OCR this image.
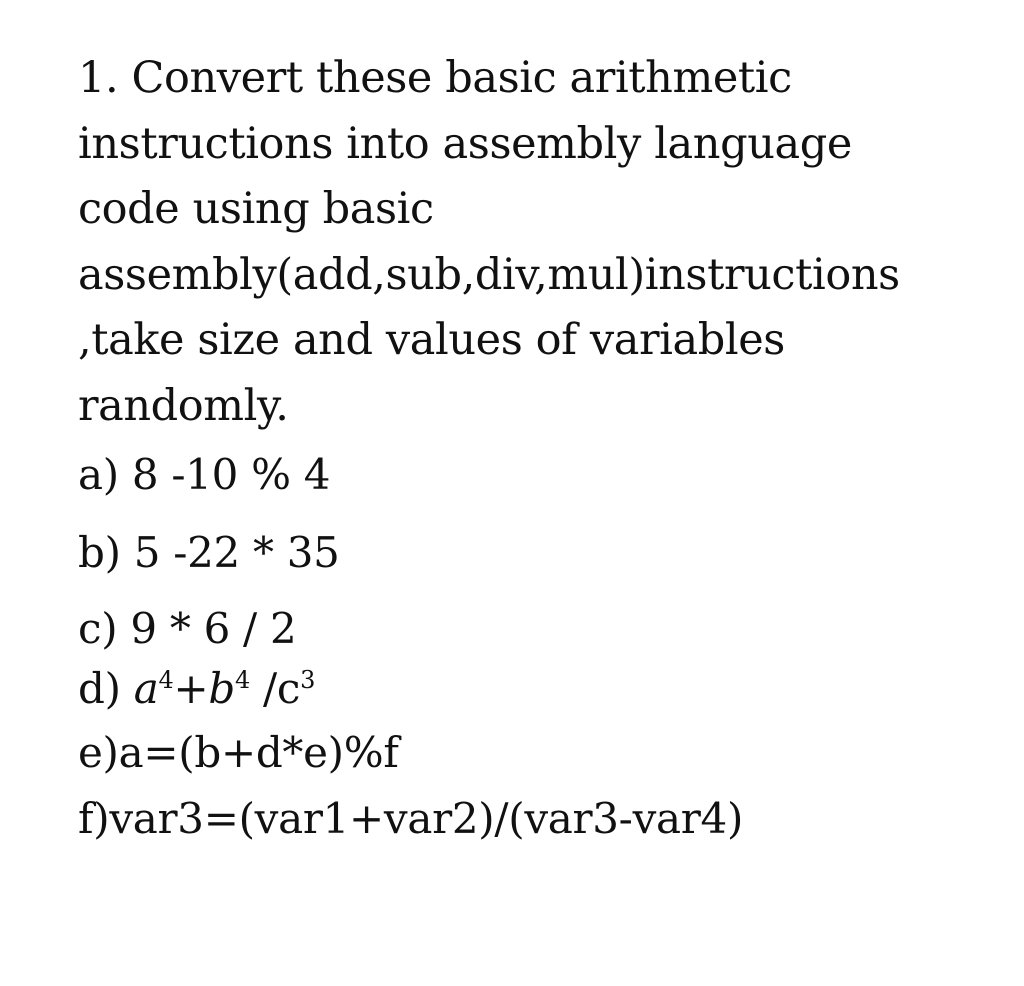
1. Convert these basic arithmetic
instructions into assembly language
code using basic
assembly(add,sub,div,mul)instructions
,take size and values of variables
randomly.
a) 8 -10 % 4
b) 5 -22 * 35
c) 9 * 6 / 2
d) $a^4+b^4$ $/c^3$
e)a=(b+d*e)%f
f)var3=(var1+var2)/(var3-var4)
